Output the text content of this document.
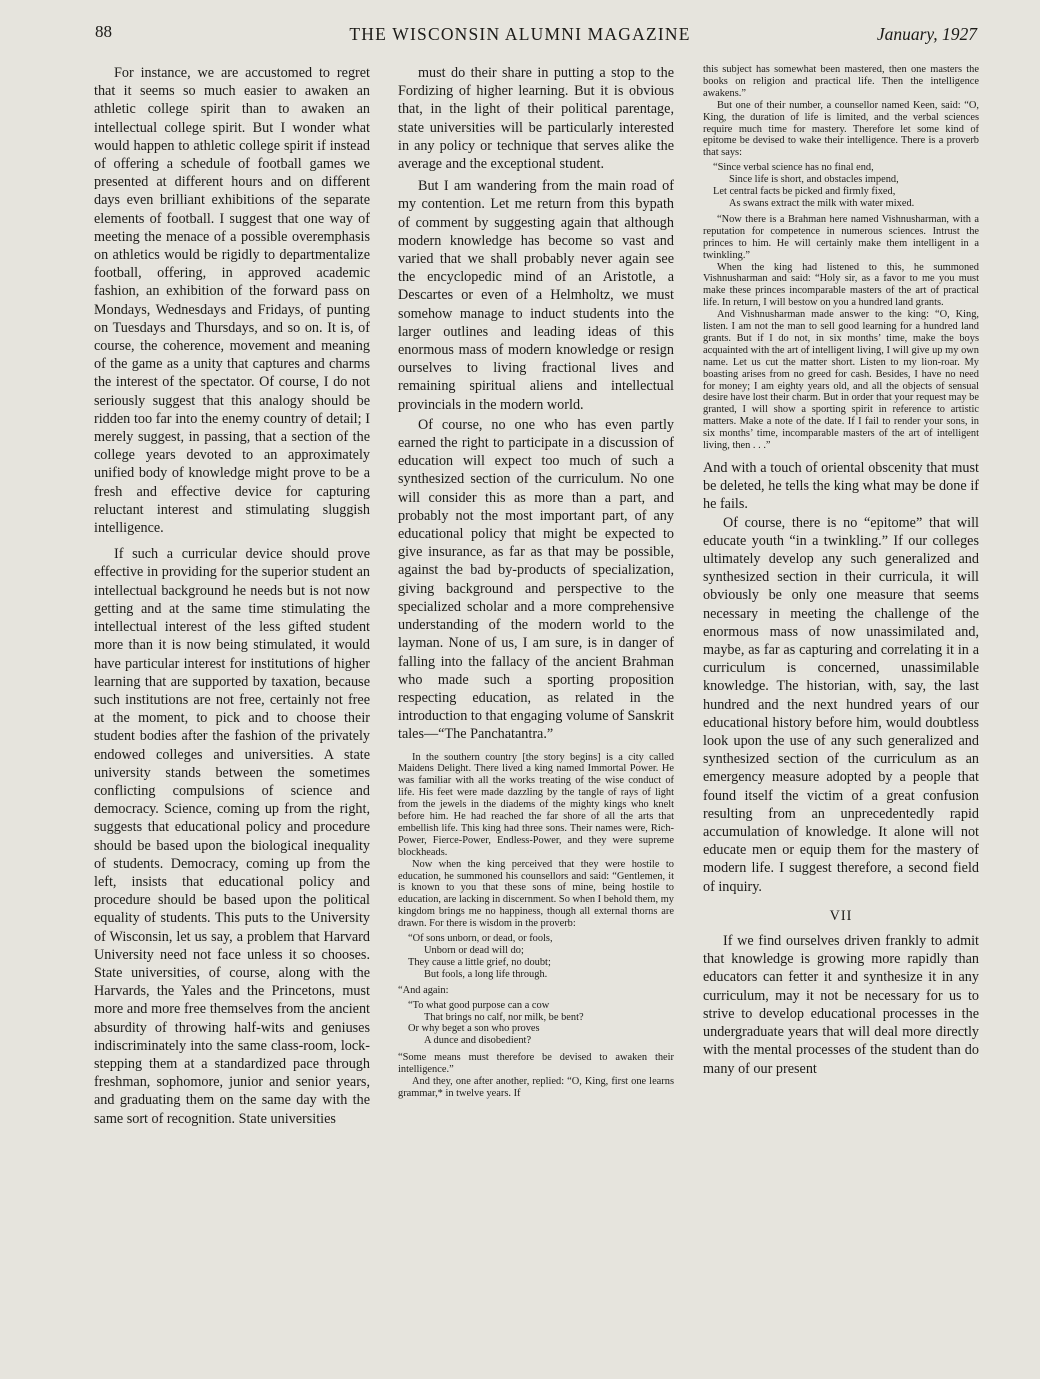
88	THE WISCONSIN ALUMNI MAGAZINE	January, 1927

For instance, we are accustomed to regret that it seems so much easier to awaken an athletic college spirit than to awaken an intellectual college spirit. But I wonder what would happen to athletic college spirit if instead of offering a schedule of football games we presented at different hours and on different days even brilliant exhibitions of the separate elements of football. I suggest that one way of meeting the menace of a possible overemphasis on athletics would be rigidly to departmentalize football, offering, in approved academic fashion, an exhibition of the forward pass on Mondays, Wednesdays and Fridays, of punting on Tuesdays and Thursdays, and so on. It is, of course, the coherence, movement and meaning of the game as a unity that captures and charms the interest of the spectator. Of course, I do not seriously suggest that this analogy should be ridden too far into the enemy country of detail; I merely suggest, in passing, that a section of the college years devoted to an approximately unified body of knowledge might prove to be a fresh and effective device for capturing reluctant interest and stimulating sluggish intelligence.

If such a curricular device should prove effective in providing for the superior student an intellectual background he needs but is not now getting and at the same time stimulating the intellectual interest of the less gifted student more than it is now being stimulated, it would have particular interest for institutions of higher learning that are supported by taxation, because such institutions are not free, certainly not free at the moment, to pick and to choose their student bodies after the fashion of the privately endowed colleges and universities. A state university stands between the sometimes conflicting compulsions of science and democracy. Science, coming up from the right, suggests that educational policy and procedure should be based upon the biological inequality of students. Democracy, coming up from the left, insists that educational policy and procedure should be based upon the political equality of students. This puts to the University of Wisconsin, let us say, a problem that Harvard University need not face unless it so chooses. State universities, of course, along with the Harvards, the Yales and the Princetons, must more and more free themselves from the ancient absurdity of throwing half-wits and geniuses indiscriminately into the same class-room, lock-stepping them at a standardized pace through freshman, sophomore, junior and senior years, and graduating them on the same day with the same sort of recognition. State universities

must do their share in putting a stop to the Fordizing of higher learning. But it is obvious that, in the light of their political parentage, state universities will be particularly interested in any policy or technique that serves alike the average and the exceptional student.

But I am wandering from the main road of my contention. Let me return from this bypath of comment by suggesting again that although modern knowledge has become so vast and varied that we shall probably never again see the encyclopedic mind of an Aristotle, a Descartes or even of a Helmholtz, we must somehow manage to induct students into the larger outlines and leading ideas of this enormous mass of modern knowledge or resign ourselves to living fractional lives and remaining spiritual aliens and intellectual provincials in the modern world.

Of course, no one who has even partly earned the right to participate in a discussion of education will expect too much of such a synthesized section of the curriculum. No one will consider this as more than a part, and probably not the most important part, of any educational policy that might be expected to give insurance, as far as that may be possible, against the bad by-products of specialization, giving background and perspective to the specialized scholar and a more comprehensive understanding of the modern world to the layman. None of us, I am sure, is in danger of falling into the fallacy of the ancient Brahman who made such a sporting proposition respecting education, as related in the introduction to that engaging volume of Sanskrit tales—“The Panchatantra.”

In the southern country [the story begins] is a city called Maidens Delight. There lived a king named Immortal Power. He was familiar with all the works treating of the wise conduct of life. His feet were made dazzling by the tangle of rays of light from the jewels in the diadems of the mighty kings who knelt before him. He had reached the far shore of all the arts that embellish life. This king had three sons. Their names were, Rich-Power, Fierce-Power, Endless-Power, and they were supreme blockheads.

Now when the king perceived that they were hostile to education, he summoned his counsellors and said: “Gentlemen, it is known to you that these sons of mine, being hostile to education, are lacking in discernment. So when I behold them, my kingdom brings me no happiness, though all external thorns are drawn. For there is wisdom in the proverb:

“Of sons unborn, or dead, or fools,
Unborn or dead will do;
They cause a little grief, no doubt;
But fools, a long life through.

“And again:

“To what good purpose can a cow
That brings no calf, nor milk, be bent?
Or why beget a son who proves
A dunce and disobedient?

“Some means must therefore be devised to awaken their intelligence.”

And they, one after another, replied: “O, King, first one learns grammar,* in twelve years. If

this subject has somewhat been mastered, then one masters the books on religion and practical life. Then the intelligence awakens.”

But one of their number, a counsellor named Keen, said: “O, King, the duration of life is limited, and the verbal sciences require much time for mastery. Therefore let some kind of epitome be devised to wake their intelligence. There is a proverb that says:

“Since verbal science has no final end,
Since life is short, and obstacles impend,
Let central facts be picked and firmly fixed,
As swans extract the milk with water mixed.

“Now there is a Brahman here named Vishnusharman, with a reputation for competence in numerous sciences. Intrust the princes to him. He will certainly make them intelligent in a twinkling.”

When the king had listened to this, he summoned Vishnusharman and said: “Holy sir, as a favor to me you must make these princes incomparable masters of the art of practical life. In return, I will bestow on you a hundred land grants.

And Vishnusharman made answer to the king: “O, King, listen. I am not the man to sell good learning for a hundred land grants. But if I do not, in six months’ time, make the boys acquainted with the art of intelligent living, I will give up my own name. Let us cut the matter short. Listen to my lion-roar. My boasting arises from no greed for cash. Besides, I have no need for money; I am eighty years old, and all the objects of sensual desire have lost their charm. But in order that your request may be granted, I will show a sporting spirit in reference to artistic matters. Make a note of the date. If I fail to render your sons, in six months’ time, incomparable masters of the art of intelligent living, then . . .”

And with a touch of oriental obscenity that must be deleted, he tells the king what may be done if he fails.

Of course, there is no “epitome” that will educate youth “in a twinkling.” If our colleges ultimately develop any such generalized and synthesized section in their curricula, it will obviously be only one measure that seems necessary in meeting the challenge of the enormous mass of now unassimilated and, maybe, as far as capturing and correlating it in a curriculum is concerned, unassimilable knowledge. The historian, with, say, the last hundred and the next hundred years of our educational history before him, would doubtless look upon the use of any such generalized and synthesized section of the curriculum as an emergency measure adopted by a people that found itself the victim of a great confusion resulting from an unprecedentedly rapid accumulation of knowledge. It alone will not educate men or equip them for the mastery of modern life. I suggest therefore, a second field of inquiry.

VII

If we find ourselves driven frankly to admit that knowledge is growing more rapidly than educators can fetter it and synthesize it in any curriculum, may it not be necessary for us to strive to develop educational processes in the undergraduate years that will deal more directly with the mental processes of the student than do many of our present
